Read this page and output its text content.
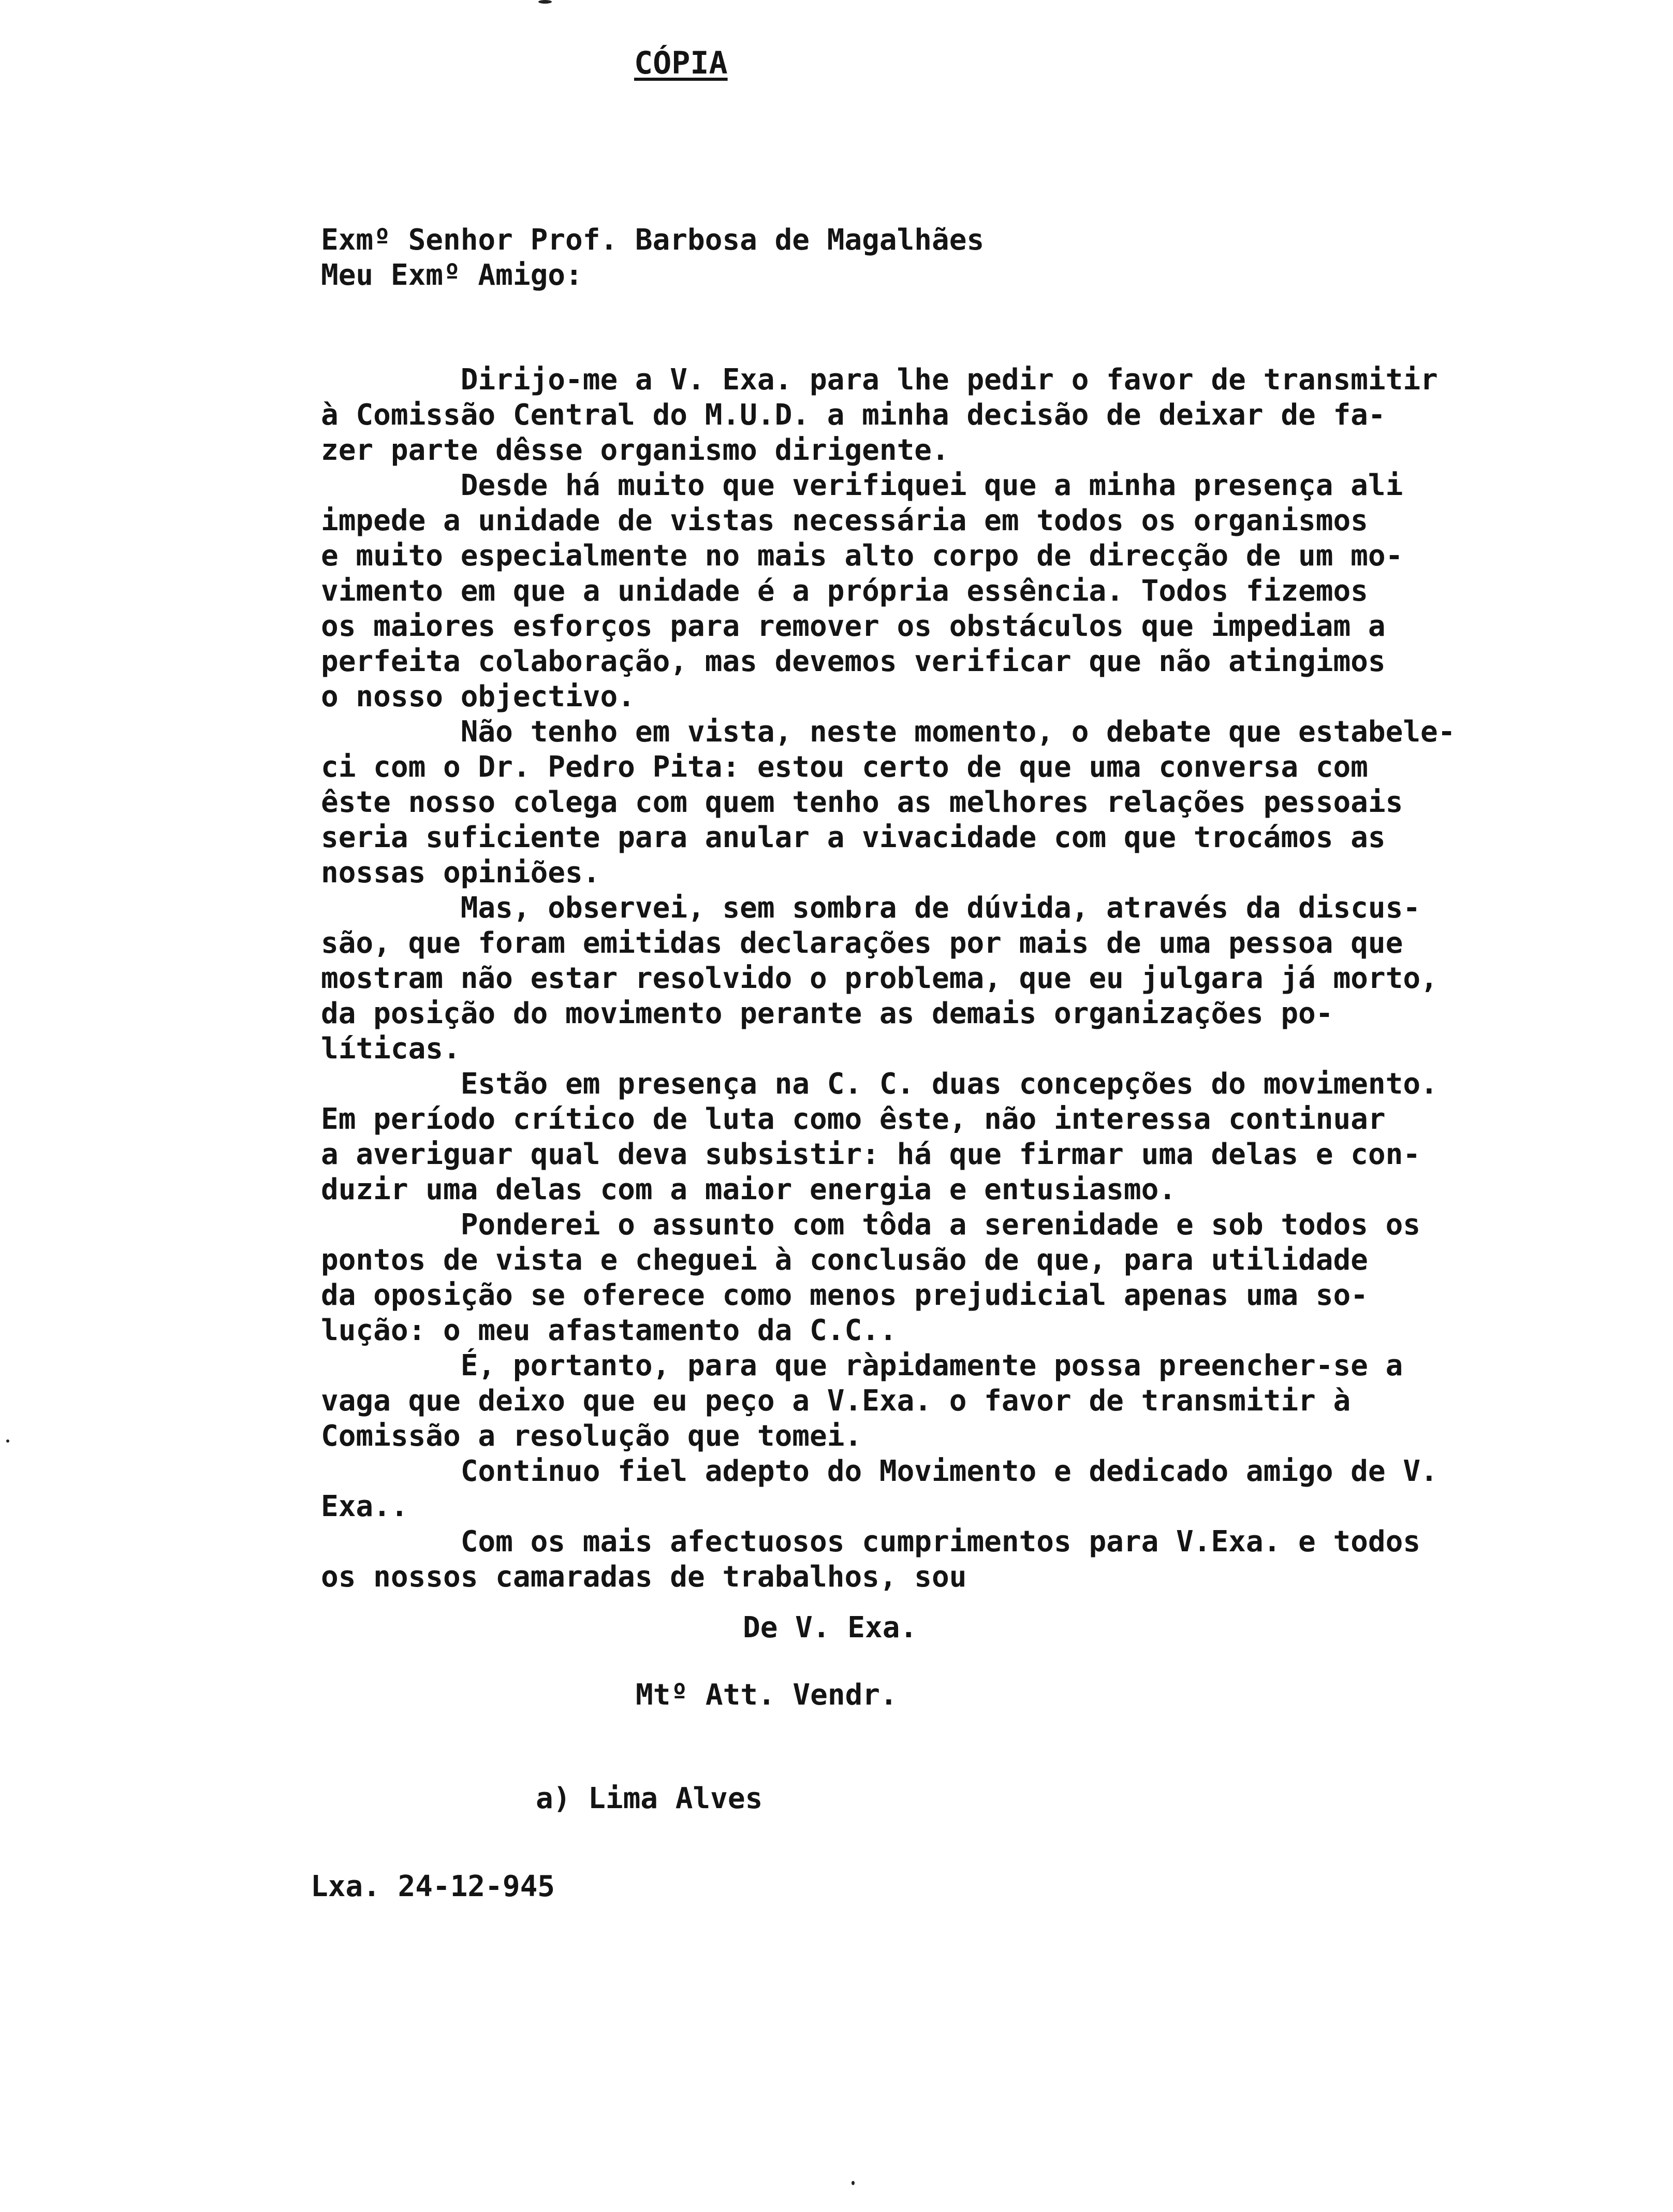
CÓPIA
Exmº Senhor Prof. Barbosa de Magalhães
Meu Exmº Amigo:
Dirijo-me a V. Exa. para lhe pedir o favor de transmitir
à Comissão Central do M.U.D. a minha decisão de deixar de fa-
zer parte dêsse organismo dirigente.
Desde há muito que verifiquei que a minha presença ali
impede a unidade de vistas necessária em todos os organismos
e muito especialmente no mais alto corpo de direcção de um mo-
vimento em que a unidade é a própria essência. Todos fizemos
os maiores esforços para remover os obstáculos que impediam a
perfeita colaboração, mas devemos verificar que não atingimos
o nosso objectivo.
Não tenho em vista, neste momento, o debate que estabele-
ci com o Dr. Pedro Pita: estou certo de que uma conversa com
êste nosso colega com quem tenho as melhores relações pessoais
seria suficiente para anular a vivacidade com que trocámos as
nossas opiniões.
Mas, observei, sem sombra de dúvida, através da discus-
são, que foram emitidas declarações por mais de uma pessoa que
mostram não estar resolvido o problema, que eu julgara já morto,
da posição do movimento perante as demais organizações po-
líticas.
Estão em presença na C. C. duas concepções do movimento.
Em período crítico de luta como êste, não interessa continuar
a averiguar qual deva subsistir: há que firmar uma delas e con-
duzir uma delas com a maior energia e entusiasmo.
Ponderei o assunto com tôda a serenidade e sob todos os
pontos de vista e cheguei à conclusão de que, para utilidade
da oposição se oferece como menos prejudicial apenas uma so-
lução: o meu afastamento da C.C..
É, portanto, para que ràpidamente possa preencher-se a
vaga que deixo que eu peço a V.Exa. o favor de transmitir à
Comissão a resolução que tomei.
Continuo fiel adepto do Movimento e dedicado amigo de V.
Exa..
Com os mais afectuosos cumprimentos para V.Exa. e todos
os nossos camaradas de trabalhos, sou
De V. Exa.
Mtº Att. Vendr.
a) Lima Alves
Lxa. 24-12-945
